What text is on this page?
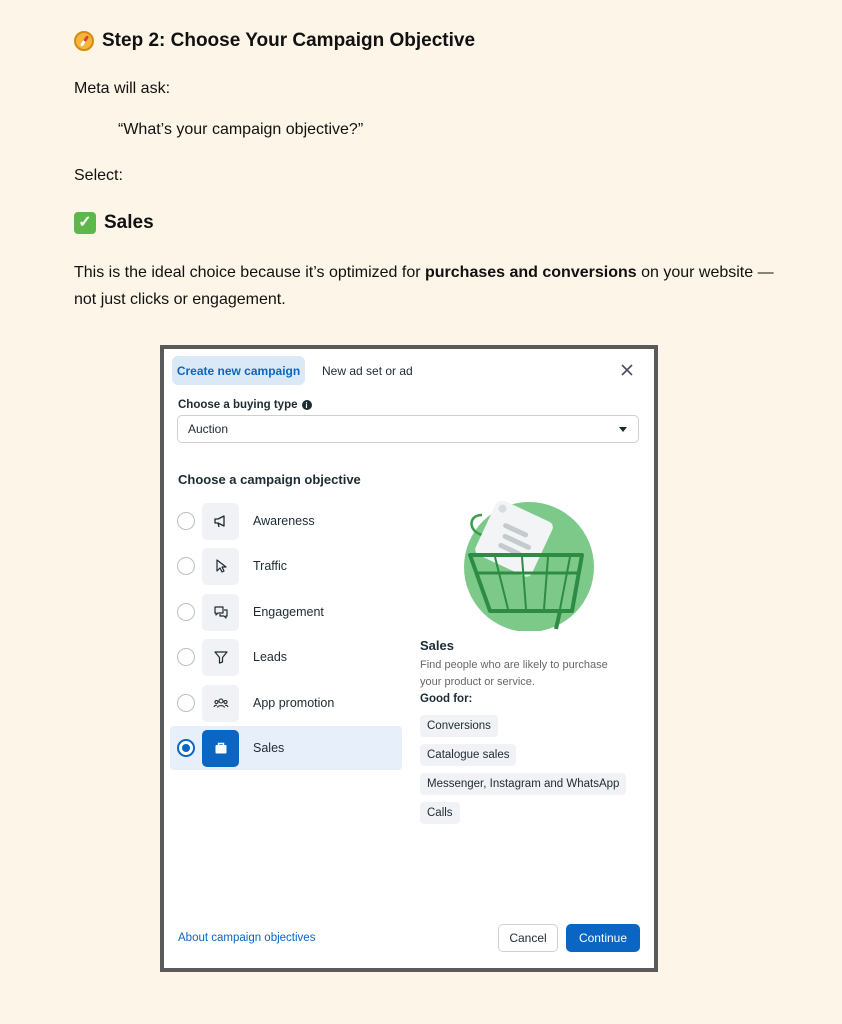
Step 2: Choose Your Campaign Objective
Meta will ask:
“What’s your campaign objective?”
Select:
✓ Sales
This is the ideal choice because it’s optimized for purchases and conversions on your website — not just clicks or engagement.
Create new campaign	New ad set or ad
Choose a buying type i
Auction
Choose a campaign objective
Awareness
Traffic
Engagement
Leads
App promotion
Sales
Sales
Find people who are likely to purchase your product or service.
Good for:
Conversions
Catalogue sales
Messenger, Instagram and WhatsApp
Calls
About campaign objectives	Cancel	Continue
